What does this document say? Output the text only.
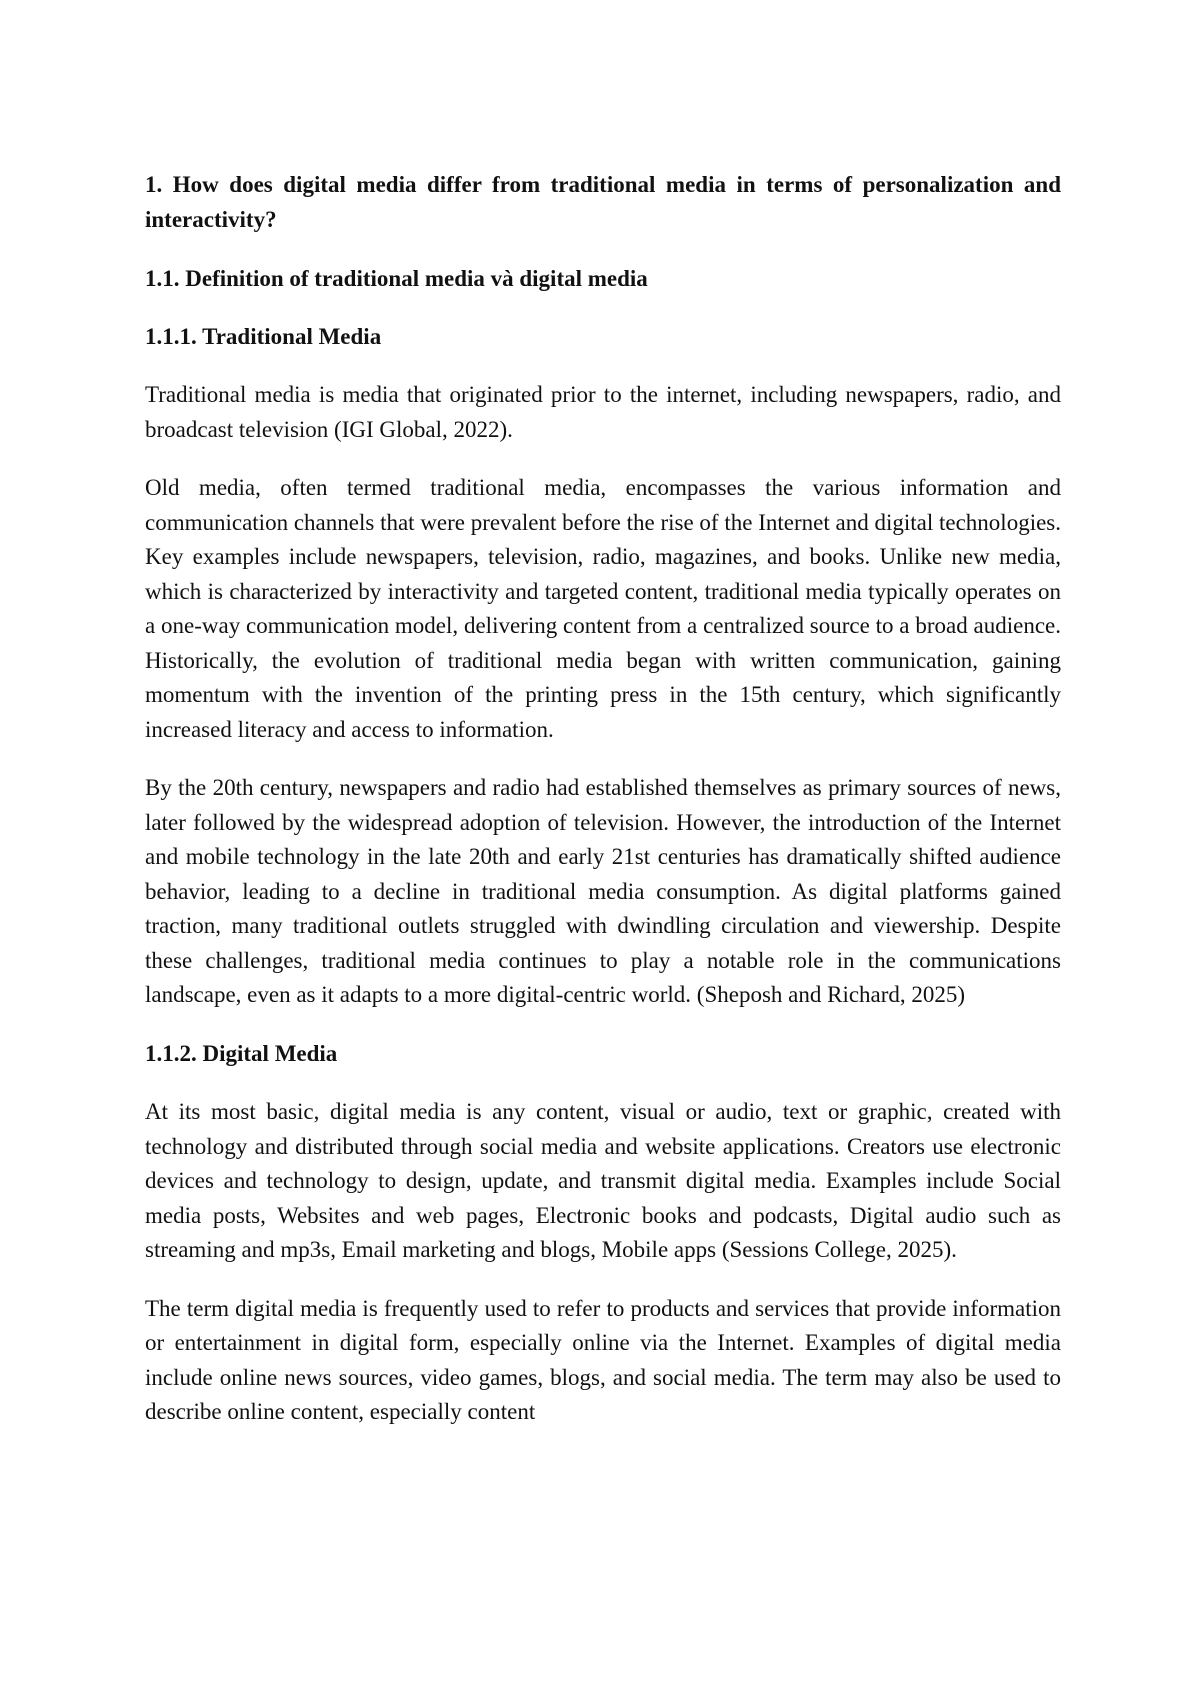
1. How does digital media differ from traditional media in terms of personalization and interactivity?
1.1. Definition of traditional media và digital media
1.1.1. Traditional Media

Traditional media is media that originated prior to the internet, including newspapers, radio, and broadcast television (IGI Global, 2022).

Old media, often termed traditional media, encompasses the various information and communication channels that were prevalent before the rise of the Internet and digital technologies. Key examples include newspapers, television, radio, magazines, and books. Unlike new media, which is characterized by interactivity and targeted content, traditional media typically operates on a one-way communication model, delivering content from a centralized source to a broad audience. Historically, the evolution of traditional media began with written communication, gaining momentum with the invention of the printing press in the 15th century, which significantly increased literacy and access to information.

By the 20th century, newspapers and radio had established themselves as primary sources of news, later followed by the widespread adoption of television. However, the introduction of the Internet and mobile technology in the late 20th and early 21st centuries has dramatically shifted audience behavior, leading to a decline in traditional media consumption. As digital platforms gained traction, many traditional outlets struggled with dwindling circulation and viewership. Despite these challenges, traditional media continues to play a notable role in the communications landscape, even as it adapts to a more digital-centric world. (Sheposh and Richard, 2025)

1.1.2. Digital Media

At its most basic, digital media is any content, visual or audio, text or graphic, created with technology and distributed through social media and website applications. Creators use electronic devices and technology to design, update, and transmit digital media. Examples include Social media posts, Websites and web pages, Electronic books and podcasts, Digital audio such as streaming and mp3s, Email marketing and blogs, Mobile apps (Sessions College, 2025).

The term digital media is frequently used to refer to products and services that provide information or entertainment in digital form, especially online via the Internet. Examples of digital media include online news sources, video games, blogs, and social media. The term may also be used to describe online content, especially content
